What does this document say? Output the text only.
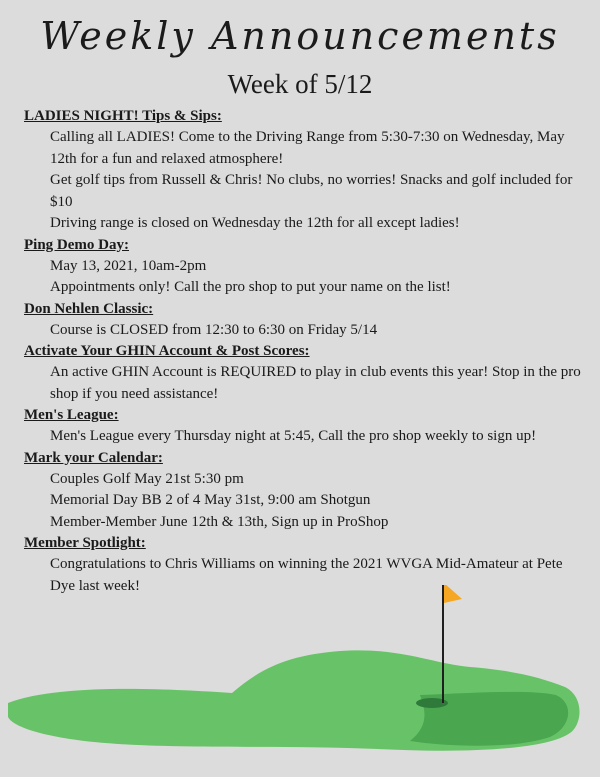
Weekly Announcements
Week of 5/12
LADIES NIGHT! Tips & Sips:
Calling all LADIES! Come to the Driving Range from 5:30-7:30 on Wednesday, May 12th for a fun and relaxed atmosphere!
Get golf tips from Russell & Chris! No clubs, no worries! Snacks and golf included for $10
Driving range is closed on Wednesday the 12th for all except ladies!
Ping Demo Day:
May 13, 2021, 10am-2pm
Appointments only! Call the pro shop to put your name on the list!
Don Nehlen Classic:
Course is CLOSED from 12:30 to 6:30 on Friday 5/14
Activate Your GHIN Account & Post Scores:
An active GHIN Account is REQUIRED to play in club events this year! Stop in the pro shop if you need assistance!
Men's League:
Men's League every Thursday night at 5:45, Call the pro shop weekly to sign up!
Mark your Calendar:
Couples Golf May 21st 5:30 pm
Memorial Day BB 2 of 4 May 31st, 9:00 am Shotgun
Member-Member June 12th & 13th, Sign up in ProShop
Member Spotlight:
Congratulations to Chris Williams on winning the 2021 WVGA Mid-Amateur at Pete Dye last week!
